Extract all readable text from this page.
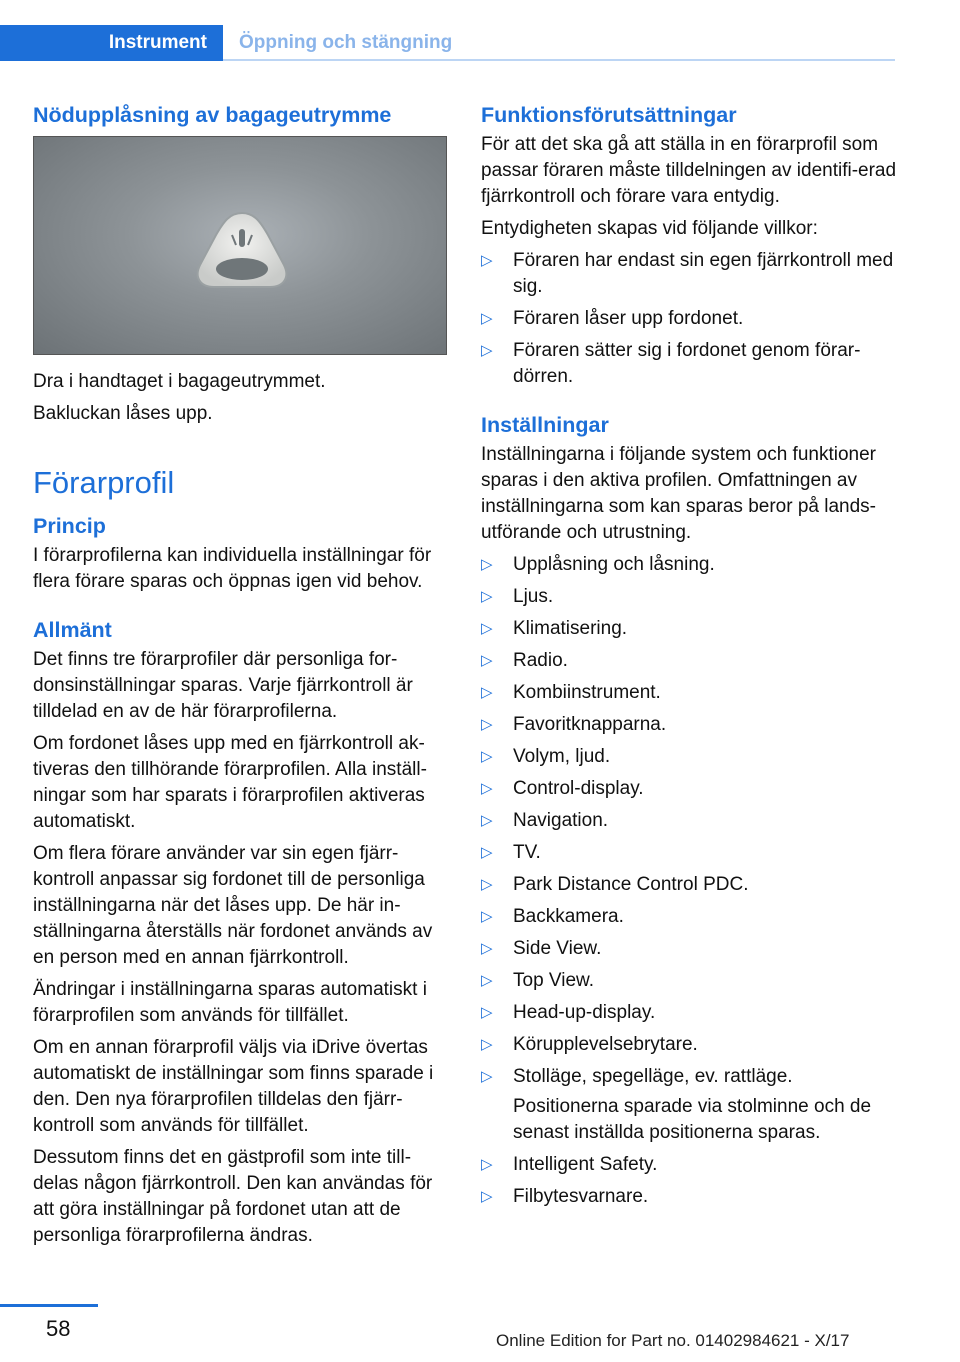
Instrument	Öppning och stängning
Nödupplåsning av bagageutrymme

Dra i handtaget i bagageutrymmet.

Bakluckan låses upp.

Förarprofil
Princip

I förarprofilerna kan individuella inställningar för flera förare sparas och öppnas igen vid behov.

Allmänt

Det finns tre förarprofiler där personliga for-donsinställningar sparas. Varje fjärrkontroll är tilldelad en av de här förarprofilerna.

Om fordonet låses upp med en fjärrkontroll ak-tiveras den tillhörande förarprofilen. Alla inställ-ningar som har sparats i förarprofilen aktiveras automatiskt.

Om flera förare använder var sin egen fjärr-kontroll anpassar sig fordonet till de personliga inställningarna när det låses upp. De här in-ställningarna återställs när fordonet används av en person med en annan fjärrkontroll.

Ändringar i inställningarna sparas automatiskt i förarprofilen som används för tillfället.

Om en annan förarprofil väljs via iDrive övertas automatiskt de inställningar som finns sparade i den. Den nya förarprofilen tilldelas den fjärr-kontroll som används för tillfället.

Dessutom finns det en gästprofil som inte till-delas någon fjärrkontroll. Den kan användas för att göra inställningar på fordonet utan att de personliga förarprofilerna ändras.

Funktionsförutsättningar

För att det ska gå att ställa in en förarprofil som passar föraren måste tilldelningen av identifi-erad fjärrkontroll och förare vara entydig.

Entydigheten skapas vid följande villkor:

▷ Föraren har endast sin egen fjärrkontroll med sig.
▷ Föraren låser upp fordonet.
▷ Föraren sätter sig i fordonet genom förar-dörren.
Inställningar

Inställningarna i följande system och funktioner sparas i den aktiva profilen. Omfattningen av inställningarna som kan sparas beror på lands-utförande och utrustning.

▷ Upplåsning och låsning.
▷ Ljus.
▷ Klimatisering.
▷ Radio.
▷ Kombiinstrument.
▷ Favoritknapparna.
▷ Volym, ljud.
▷ Control-display.
▷ Navigation.
▷ TV.
▷ Park Distance Control PDC.
▷ Backkamera.
▷ Side View.
▷ Top View.
▷ Head-up-display.
▷ Körupplevelsebrytare.
▷ Stolläge, spegelläge, ev. rattläge.
Positionerna sparade via stolminne och de senast inställda positionerna sparas.
▷ Intelligent Safety.
▷ Filbytesvarnare.
58	Online Edition for Part no. 01402984621 - X/17
